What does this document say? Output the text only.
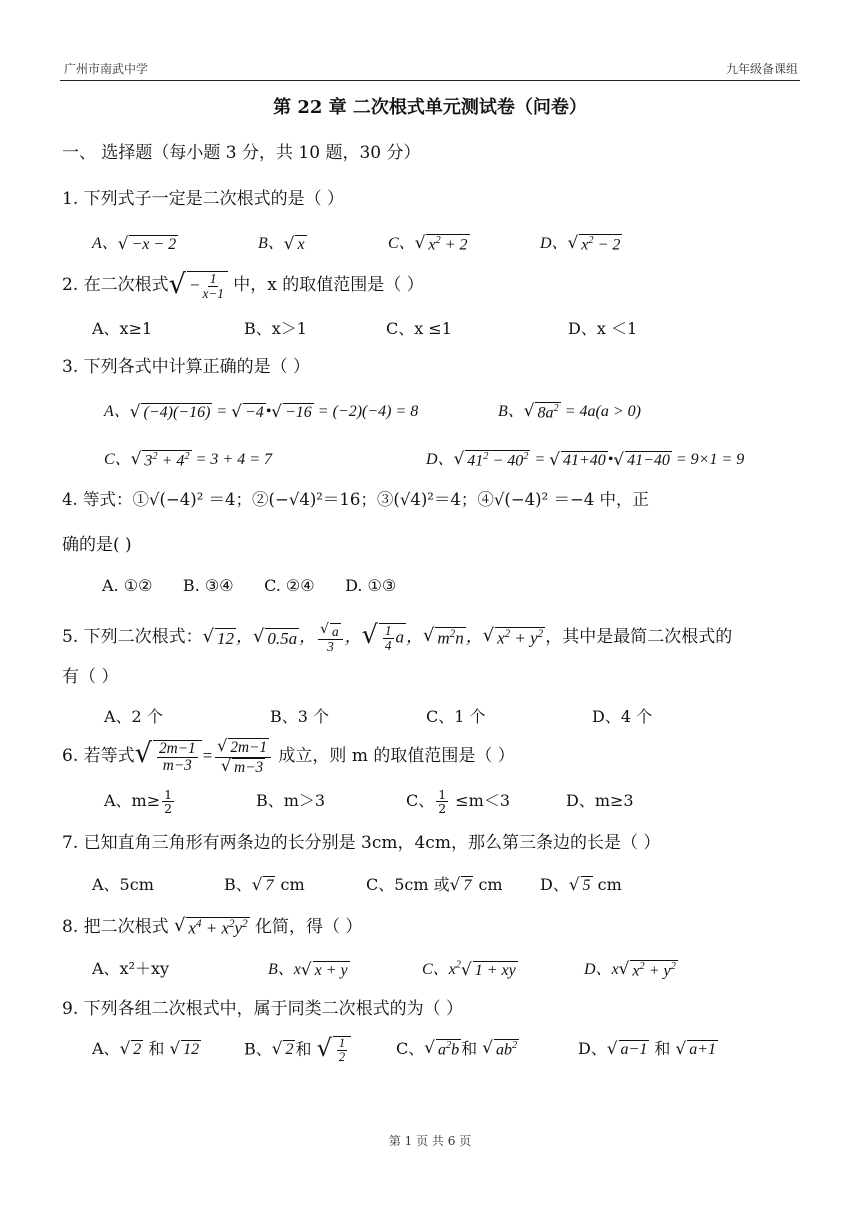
广州市南武中学	九年级备课组
第 22 章 二次根式单元测试卷（问卷）
一、 选择题（每小题 3 分，共 10 题，30 分）
1. 下列式子一定是二次根式的是（ ）
A、 √ −x − 2	B、 √ x	C、 √ $x^2 + 2$	D、 √ $x^2 - 2$
2. 在二次根式 √ − $\frac{1}{x-1}$ 中，x 的取值范围是（ ）
A、x≥1	B、x＞1	C、x ≤1	D、x ＜1
3. 下列各式中计算正确的是（ ）
A、 √ (−4)(−16) = √ −4 • √ −16 = (−2)(−4) = 8	B、 √ $8a^2 = 4a(a > 0)$
C、 √ $3^2 + 4^2 = 3 + 4 = 7$	D、 √ $41^2 - 40^2$ = √ 41+40 • √ 41−40 = 9×1 = 9
4. 等式：①√(−4)² ＝4；②(−√4)²＝16；③(√4)²＝4；④√(−4)² ＝−4 中，正
确的是( )
A. ①②      B. ③④      C. ②④      D. ①③
5. 下列二次根式： √ 12 ， √ 0.5a ， $\frac{√ a}{3}$ ， √ $\frac{1}{4}$ a ， √ $m^2n$ ， √ $x^2 + y^2$ ，其中是最简二次根式的
有（ ）
A、2 个	B、3 个	C、1 个	D、4 个
6. 若等式 √ $\frac{2m-1}{m-3} = \frac{√ 2m-1}{√ m-3}$ 成立，则 m 的取值范围是（ ）
A、$m\ge \frac{1}{2}$	B、m＞3	C、 $\frac{1}{2} \le m<3$	D、m≥3
7. 已知直角三角形有两条边的长分别是 3cm，4cm，那么第三条边的长是（ ）
A、5cm	B、 √ 7 cm	C、5cm 或 √ 7 cm D、 √ 5 cm
8. 把二次根式 √ $x^4 + x^2y^2$ 化简，得（ ）
A、x²＋xy	B、x √ x + y	C、$x^2$ √ 1 + xy	D、x √ $x^2 + y^2$
9. 下列各组二次根式中，属于同类二次根式的为（ ）
A、 √ 2 和 √ 12	B、 √ 2 和 √ $\frac{1}{2}$	C、 √ $a^2b$ 和 √ $ab^2$	D、 √ a−1 和 √ a+1
第 1 页 共 6 页
